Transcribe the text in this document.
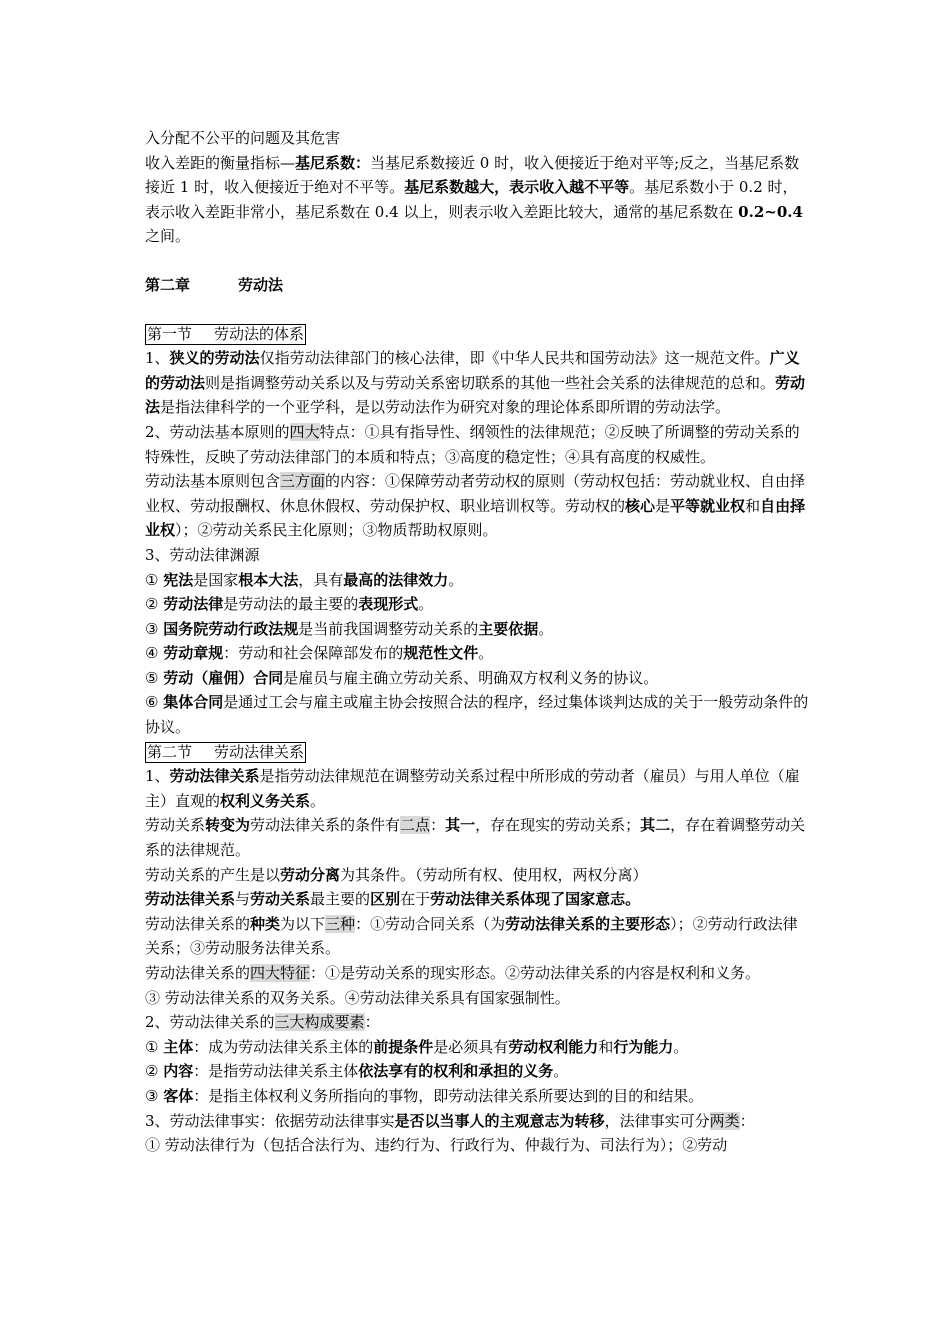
入分配不公平的问题及其危害

收入差距的衡量指标—基尼系数：当基尼系数接近 0 时，收入便接近于绝对平等;反之，当基尼系数接近 1 时，收入便接近于绝对不平等。基尼系数越大，表示收入越不平等。基尼系数小于 0.2 时，表示收入差距非常小，基尼系数在 0.4 以上，则表示收入差距比较大，通常的基尼系数在 0.2~0.4 之间。

第二章	劳动法

第一节 劳动法的体系

1、狭义的劳动法仅指劳动法律部门的核心法律，即《中华人民共和国劳动法》这一规范文件。广义的劳动法则是指调整劳动关系以及与劳动关系密切联系的其他一些社会关系的法律规范的总和。劳动法是指法律科学的一个亚学科，是以劳动法作为研究对象的理论体系即所谓的劳动法学。

2、劳动法基本原则的四大特点：①具有指导性、纲领性的法律规范；②反映了所调整的劳动关系的特殊性，反映了劳动法律部门的本质和特点；③高度的稳定性；④具有高度的权威性。

劳动法基本原则包含三方面的内容：①保障劳动者劳动权的原则（劳动权包括：劳动就业权、自由择业权、劳动报酬权、休息休假权、劳动保护权、职业培训权等。劳动权的核心是平等就业权和自由择业权）；②劳动关系民主化原则；③物质帮助权原则。

3、劳动法律渊源

① 宪法是国家根本大法，具有最高的法律效力。

② 劳动法律是劳动法的最主要的表现形式。

③ 国务院劳动行政法规是当前我国调整劳动关系的主要依据。

④ 劳动章规：劳动和社会保障部发布的规范性文件。

⑤ 劳动（雇佣）合同是雇员与雇主确立劳动关系、明确双方权利义务的协议。

⑥ 集体合同是通过工会与雇主或雇主协会按照合法的程序，经过集体谈判达成的关于一般劳动条件的协议。

第二节 劳动法律关系

1、劳动法律关系是指劳动法律规范在调整劳动关系过程中所形成的劳动者（雇员）与用人单位（雇主）直观的权利义务关系。

劳动关系转变为劳动法律关系的条件有二点：其一，存在现实的劳动关系；其二，存在着调整劳动关系的法律规范。

劳动关系的产生是以劳动分离为其条件。（劳动所有权、使用权，两权分离）

劳动法律关系与劳动关系最主要的区别在于劳动法律关系体现了国家意志。

劳动法律关系的种类为以下三种：①劳动合同关系（为劳动法律关系的主要形态）；②劳动行政法律关系；③劳动服务法律关系。

劳动法律关系的四大特征：①是劳动关系的现实形态。②劳动法律关系的内容是权利和义务。

③ 劳动法律关系的双务关系。④劳动法律关系具有国家强制性。

2、劳动法律关系的三大构成要素：

① 主体：成为劳动法律关系主体的前提条件是必须具有劳动权利能力和行为能力。

② 内容：是指劳动法律关系主体依法享有的权利和承担的义务。

③ 客体：是指主体权利义务所指向的事物，即劳动法律关系所要达到的目的和结果。

3、劳动法律事实：依据劳动法律事实是否以当事人的主观意志为转移，法律事实可分两类：

① 劳动法律行为（包括合法行为、违约行为、行政行为、仲裁行为、司法行为）；②劳动
